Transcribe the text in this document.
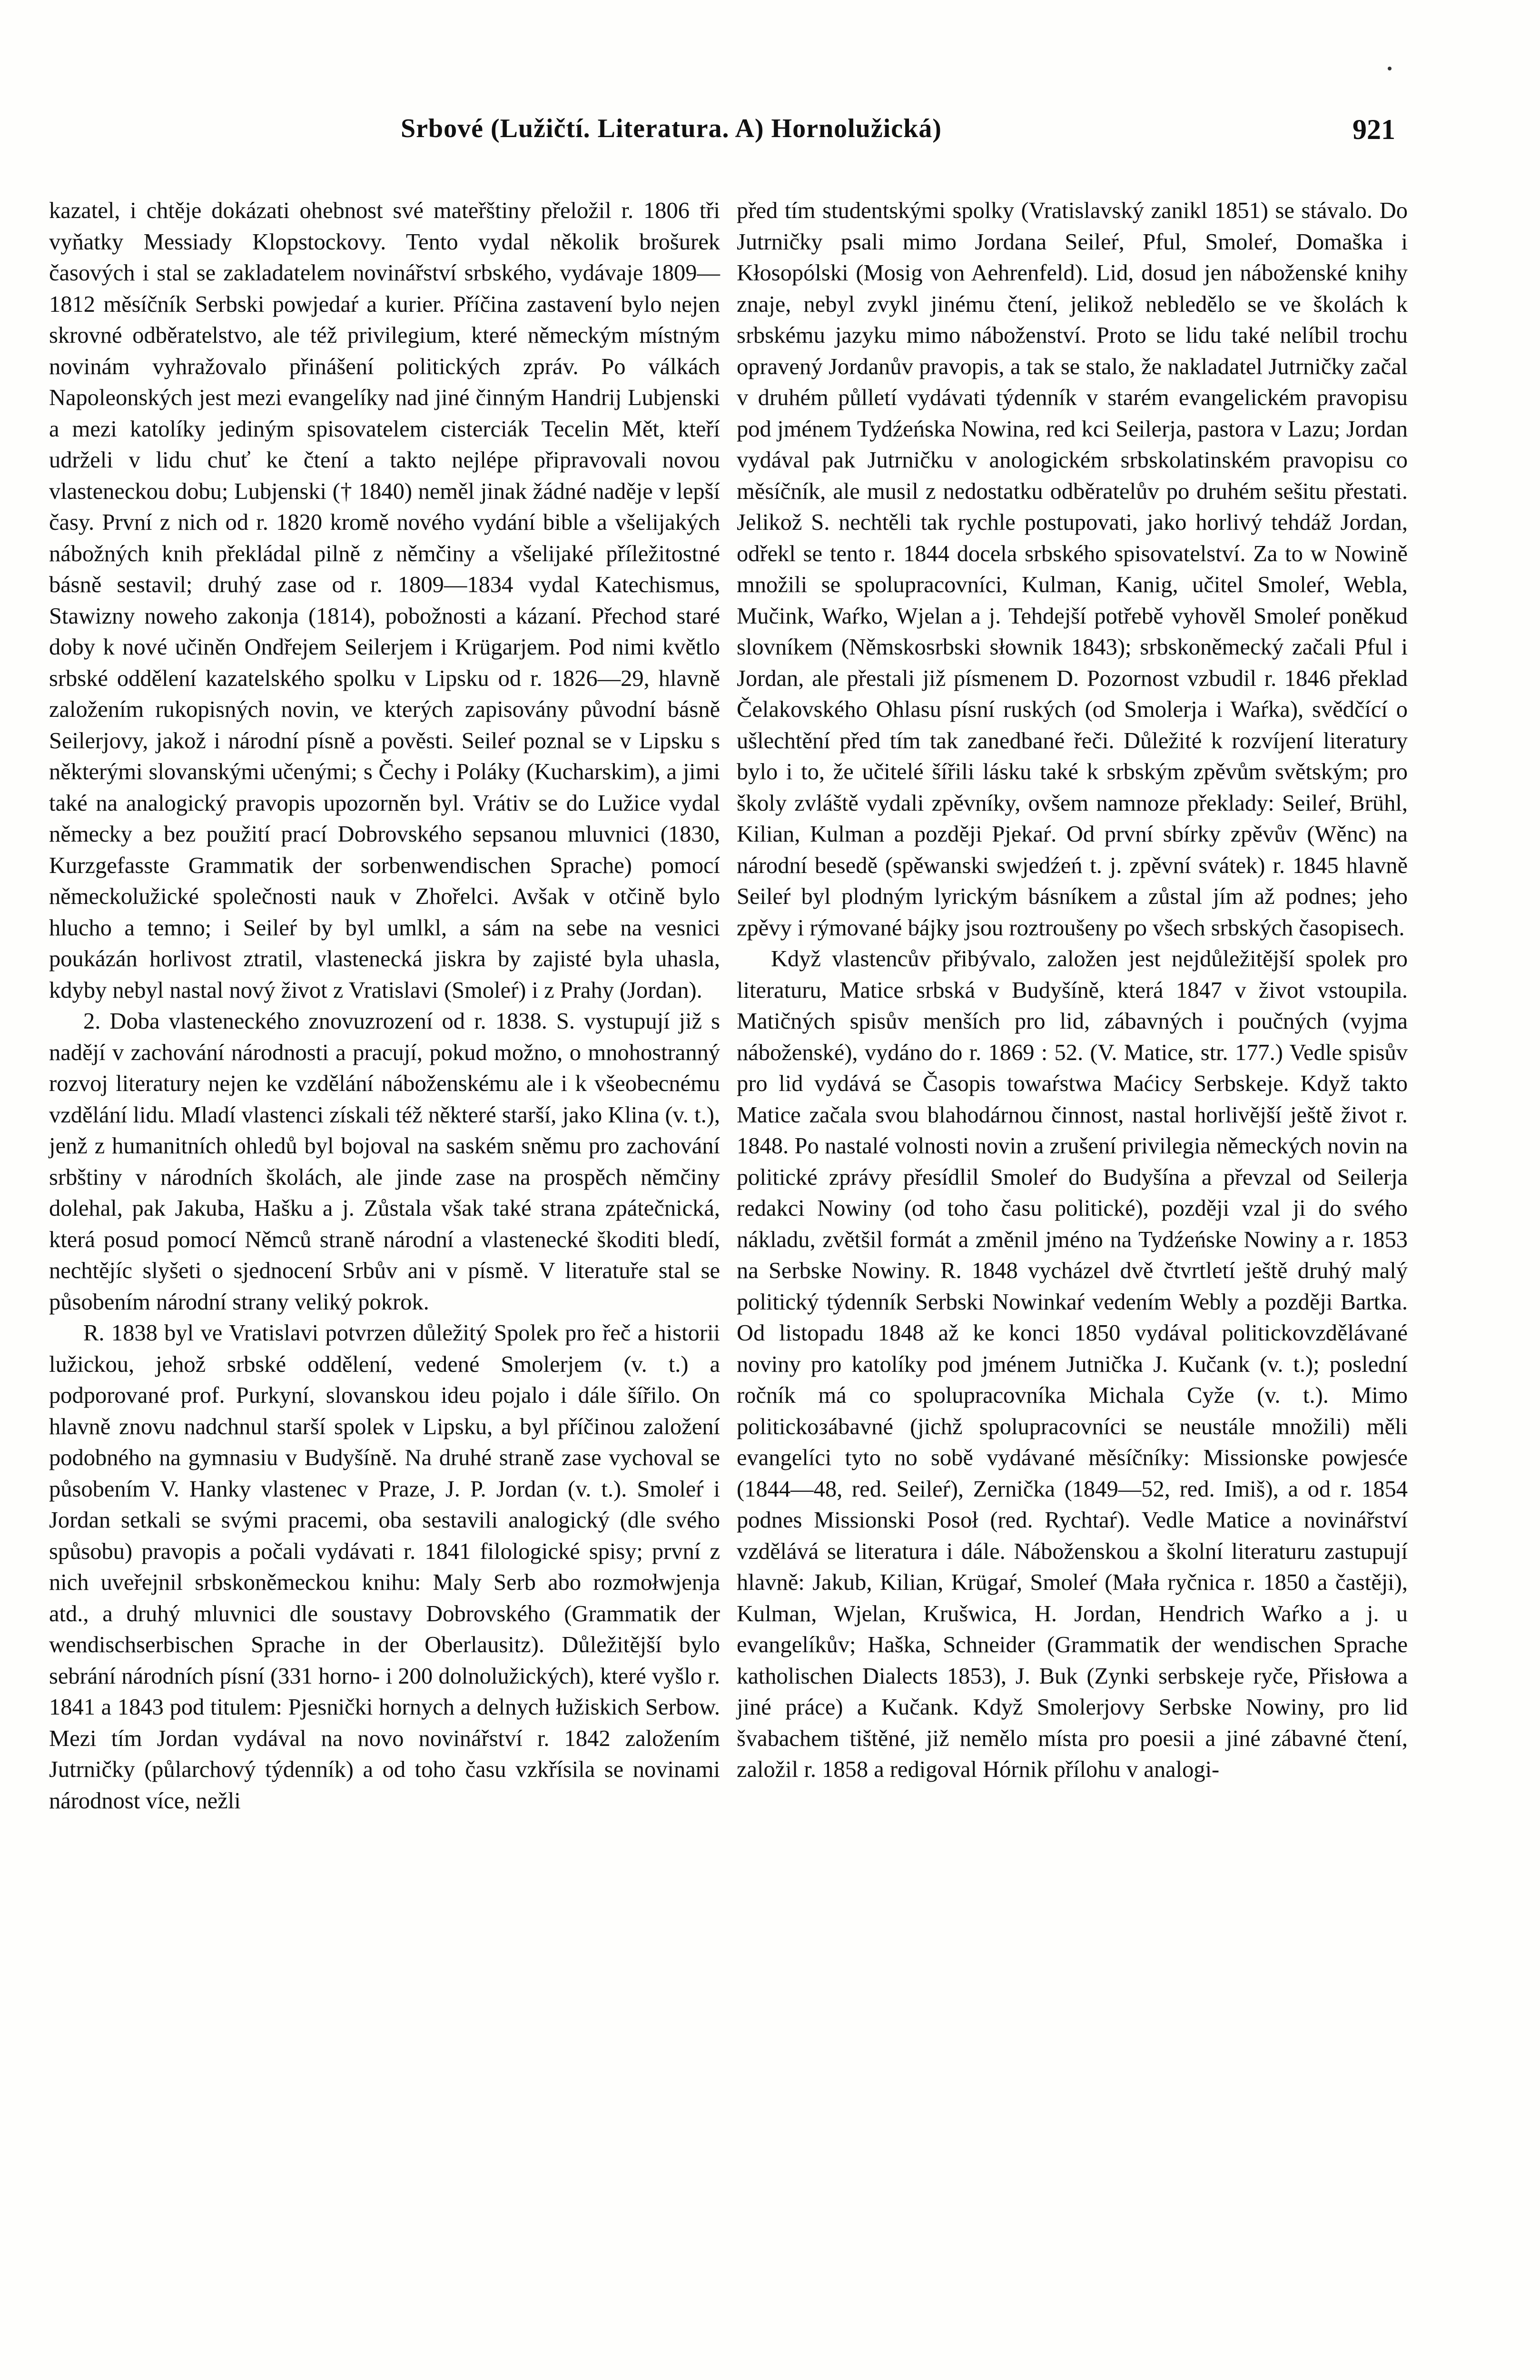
Srbové (Lužičtí. Literatura. A) Hornolužická)	921

kazatel, i chtěje dokázati ohebnost své mateřštiny přeložil r. 1806 tři vyňatky Messiady Klopstockovy. Tento vydal několik brošurek časových i stal se zakladatelem novinářství srbského, vydávaje 1809—1812 měsíčník Serbski powjedaŕ a kurier. Příčina zastavení bylo nejen skrovné odběratelstvo, ale též privilegium, které německým místným novinám vyhražovalo přinášení politických zpráv. Po válkách Napoleonských jest mezi evangelíky nad jiné činným Handrij Lubjenski a mezi katolíky jediným spisovatelem cisterciák Tecelin Mět, kteří udrželi v lidu chuť ke čtení a takto nejlépe připravovali novou vlasteneckou dobu; Lubjenski († 1840) neměl jinak žádné naděje v lepší časy. První z nich od r. 1820 kromě nového vydání bible a všelijakých nábožných knih překládal pilně z němčiny a všelijaké příležitostné básně sestavil; druhý zase od r. 1809—1834 vydal Katechismus, Stawizny noweho zakonja (1814), pobožnosti a kázaní. Přechod staré doby k nové učiněn Ondřejem Seilerjem i Krügarjem. Pod nimi květlo srbské oddělení kazatelského spolku v Lipsku od r. 1826—29, hlavně založením rukopisných novin, ve kterých zapisovány původní básně Seilerjovy, jakož i národní písně a pověsti. Seileŕ poznal se v Lipsku s některými slovanskými učenými; s Čechy i Poláky (Kucharskim), a jimi také na analogický pravopis upozorněn byl. Vrátiv se do Lužice vydal německy a bez použití prací Dobrovského sepsanou mluvnici (1830, Kurzgefasste Grammatik der sorbenwendischen Sprache) pomocí německolužické společnosti nauk v Zhořelci. Avšak v otčině bylo hlucho a temno; i Seileŕ by byl umlkl, a sám na sebe na vesnici poukázán horlivost ztratil, vlastenecká jiskra by zajisté byla uhasla, kdyby nebyl nastal nový život z Vratislavi (Smoleŕ) i z Prahy (Jordan).

2. Doba vlasteneckého znovuzrození od r. 1838. S. vystupují již s nadějí v zachování národnosti a pracují, pokud možno, o mnohostranný rozvoj literatury nejen ke vzdělání náboženskému ale i k všeobecnému vzdělání lidu. Mladí vlastenci získali též některé starší, jako Klina (v. t.), jenž z humanitních ohledů byl bojoval na saském sněmu pro zachování srbštiny v národních školách, ale jinde zase na prospěch němčiny dolehal, pak Jakuba, Hašku a j. Zůstala však také strana zpátečnická, která posud pomocí Němců straně národní a vlastenecké škoditi bledí, nechtějíc slyšeti o sjednocení Srbův ani v písmě. V literatuře stal se působením národní strany veliký pokrok.

R. 1838 byl ve Vratislavi potvrzen důležitý Spolek pro řeč a historii lužickou, jehož srbské oddělení, vedené Smolerjem (v. t.) a podporované prof. Purkyní, slovanskou ideu pojalo i dále šířilo. On hlavně znovu nadchnul starší spolek v Lipsku, a byl příčinou založení podobného na gymnasiu v Budyšíně. Na druhé straně zase vychoval se působením V. Hanky vlastenec v Praze, J. P. Jordan (v. t.). Smoleŕ i Jordan setkali se svými pracemi, oba sestavili analogický (dle svého spůsobu) pravopis a počali vydávati r. 1841 filologické spisy; první z nich uveřejnil srbskoněmeckou knihu: Maly Serb abo rozmołwjenja atd., a druhý mluvnici dle soustavy Dobrovského (Grammatik der wendischserbischen Sprache in der Oberlausitz). Důležitější bylo sebrání národních písní (331 horno- i 200 dolnolužických), které vyšlo r. 1841 a 1843 pod titulem: Pjesnički hornych a delnych łužiskich Serbow. Mezi tím Jordan vydával na novo novinářství r. 1842 založením Jutrničky (půlarchový týdenník) a od toho času vzkřísila se novinami národnost více, nežli

před tím studentskými spolky (Vratislavský zanikl 1851) se stávalo. Do Jutrničky psali mimo Jordana Seileŕ, Pful, Smoleŕ, Domaška i Kłosopólski (Mosig von Aehrenfeld). Lid, dosud jen náboženské knihy znaje, nebyl zvykl jinému čtení, jelikož nebledělo se ve školách k srbskému jazyku mimo náboženství. Proto se lidu také nelíbil trochu opravený Jordanův pravopis, a tak se stalo, že nakladatel Jutrničky začal v druhém půlletí vydávati týdenník v starém evangelickém pravopisu pod jménem Tydźeńska Nowina, red kci Seilerja, pastora v Lazu; Jordan vydával pak Jutrničku v anologickém srbskolatinském pravopisu co měsíčník, ale musil z nedostatku odběratelův po druhém sešitu přestati. Jelikož S. nechtěli tak rychle postupovati, jako horlivý tehdáž Jordan, odřekl se tento r. 1844 docela srbského spisovatelství. Za to w Nowině množili se spolupracovníci, Kulman, Kanig, učitel Smoleŕ, Webla, Mučink, Waŕko, Wjelan a j. Tehdejší potřebě vyhověl Smoleŕ poněkud slovníkem (Němskosrbski słownik 1843); srbskoněmecký začali Pful i Jordan, ale přestali již písmenem D. Pozornost vzbudil r. 1846 překlad Čelakovského Ohlasu písní ruských (od Smolerja i Waŕka), svědčící o ušlechtění před tím tak zanedbané řeči. Důležité k rozvíjení literatury bylo i to, že učitelé šířili lásku také k srbským zpěvům světským; pro školy zvláště vydali zpěvníky, ovšem namnoze překlady: Seileŕ, Brühl, Kilian, Kulman a později Pjekaŕ. Od první sbírky zpěvův (Wěnc) na národní besedě (spěwanski swjedźeń t. j. zpěvní svátek) r. 1845 hlavně Seileŕ byl plodným lyrickým básníkem a zůstal jím až podnes; jeho zpěvy i rýmované bájky jsou roztroušeny po všech srbských časopisech.

Když vlastencův přibývalo, založen jest nejdůležitější spolek pro literaturu, Matice srbská v Budyšíně, která 1847 v život vstoupila. Matičných spisův menších pro lid, zábavných i poučných (vyjma náboženské), vydáno do r. 1869 : 52. (V. Matice, str. 177.) Vedle spisův pro lid vydává se Časopis towaŕstwa Maćicy Serbskeje. Když takto Matice začala svou blahodárnou činnost, nastal horlivější ještě život r. 1848. Po nastalé volnosti novin a zrušení privilegia německých novin na politické zprávy přesídlil Smoleŕ do Budyšína a převzal od Seilerja redakci Nowiny (od toho času politické), později vzal ji do svého nákladu, zvětšil formát a změnil jméno na Tydźeńske Nowiny a r. 1853 na Serbske Nowiny. R. 1848 vycházel dvě čtvrtletí ještě druhý malý politický týdenník Serbski Nowinkaŕ vedením Webly a později Bartka. Od listopadu 1848 až ke konci 1850 vydával politickovzdělávané noviny pro katolíky pod jménem Jutnička J. Kučank (v. t.); poslední ročník má co spolupracovníka Michala Cyže (v. t.). Mimo politickoзábavné (jichž spolupracovníci se neustále množili) měli evangelíci tyto no sobě vydávané měsíčníky: Missionske powjesće (1844—48, red. Seileŕ), Zernička (1849—52, red. Imiš), a od r. 1854 podnes Missionski Posoł (red. Rychtaŕ). Vedle Matice a novinářství vzdělává se literatura i dále. Náboženskou a školní literaturu zastupují hlavně: Jakub, Kilian, Krügaŕ, Smoleŕ (Mała ryčnica r. 1850 a častěji), Kulman, Wjelan, Krušwica, H. Jordan, Hendrich Waŕko a j. u evangelíkův; Haška, Schneider (Grammatik der wendischen Sprache katholischen Dialects 1853), J. Buk (Zynki serbskeje ryče, Přisłowa a jiné práce) a Kučank. Když Smolerjovy Serbske Nowiny, pro lid švabachem tištěné, již nemělo místa pro poesii a jiné zábavné čtení, založil r. 1858 a redigoval Hórnik přílohu v analogi-
